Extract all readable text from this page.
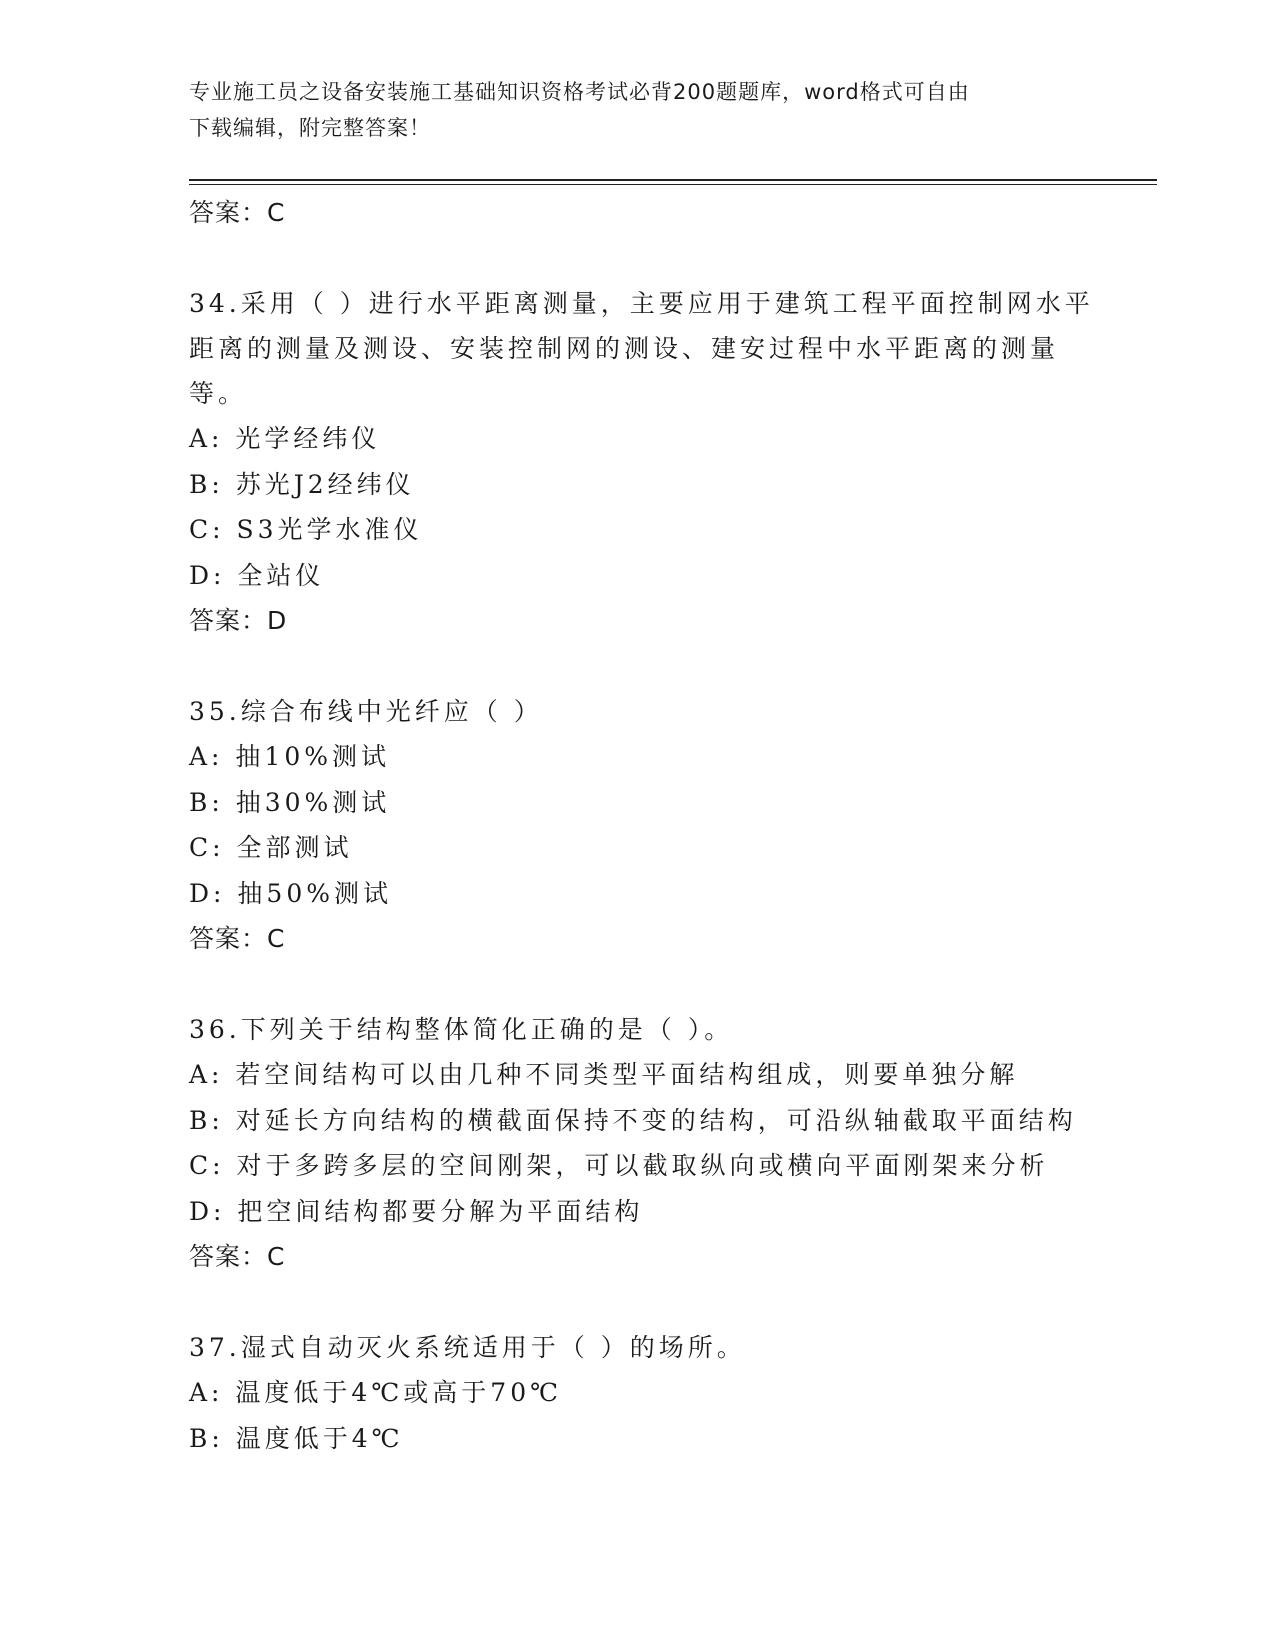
专业施工员之设备安装施工基础知识资格考试必背200题题库，word格式可自由
下载编辑，附完整答案！
答案：C
34.采用（ ）进行水平距离测量，主要应用于建筑工程平面控制网水平距离的测量及测设、安装控制网的测设、建安过程中水平距离的测量等。
A: 光学经纬仪
B: 苏光J2经纬仪
C: S3光学水准仪
D: 全站仪
答案：D
35.综合布线中光纤应（ ）
A: 抽10%测试
B: 抽30%测试
C: 全部测试
D: 抽50%测试
答案：C
36.下列关于结构整体简化正确的是（ ）。
A: 若空间结构可以由几种不同类型平面结构组成，则要单独分解
B: 对延长方向结构的横截面保持不变的结构，可沿纵轴截取平面结构
C: 对于多跨多层的空间刚架，可以截取纵向或横向平面刚架来分析
D: 把空间结构都要分解为平面结构
答案：C
37.湿式自动灭火系统适用于（ ）的场所。
A: 温度低于4℃或高于70℃
B: 温度低于4℃
